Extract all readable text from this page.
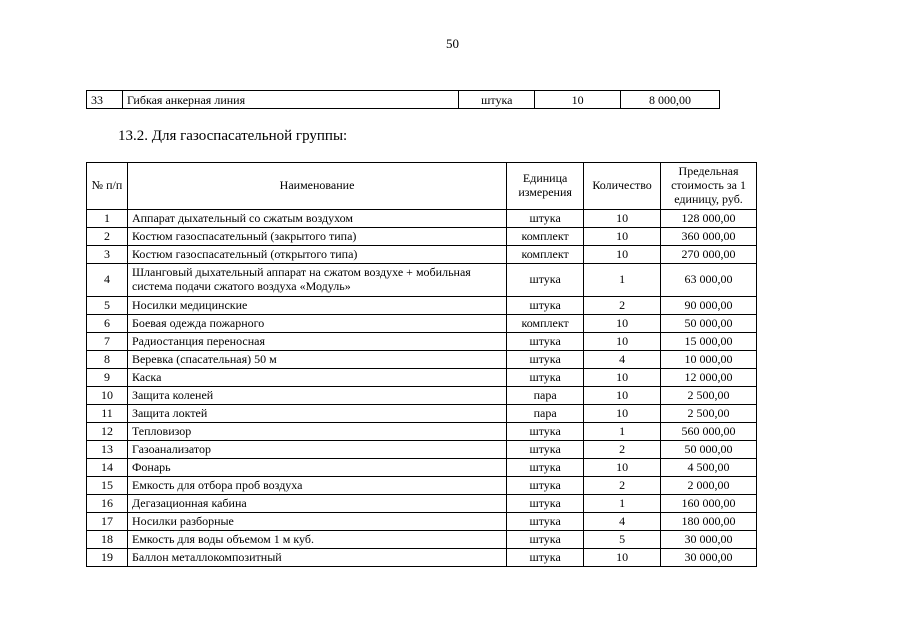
50
33	Гибкая анкерная линия	штука	10	8 000,00
13.2. Для газоспасательной группы:
№ п/п	Наименование	Единица измерения	Количество	Предельная стоимость за 1 единицу, руб.
1	Аппарат дыхательный со сжатым воздухом	штука	10	128 000,00
2	Костюм газоспасательный (закрытого типа)	комплект	10	360 000,00
3	Костюм газоспасательный (открытого типа)	комплект	10	270 000,00
4	Шланговый дыхательный аппарат на сжатом воздухе + мобильная система подачи сжатого воздуха «Модуль»	штука	1	63 000,00
5	Носилки медицинские	штука	2	90 000,00
6	Боевая одежда пожарного	комплект	10	50 000,00
7	Радиостанция переносная	штука	10	15 000,00
8	Веревка (спасательная) 50 м	штука	4	10 000,00
9	Каска	штука	10	12 000,00
10	Защита коленей	пара	10	2 500,00
11	Защита локтей	пара	10	2 500,00
12	Тепловизор	штука	1	560 000,00
13	Газоанализатор	штука	2	50 000,00
14	Фонарь	штука	10	4 500,00
15	Емкость для отбора проб воздуха	штука	2	2 000,00
16	Дегазационная кабина	штука	1	160 000,00
17	Носилки разборные	штука	4	180 000,00
18	Емкость для воды объемом 1 м куб.	штука	5	30 000,00
19	Баллон металлокомпозитный	штука	10	30 000,00
